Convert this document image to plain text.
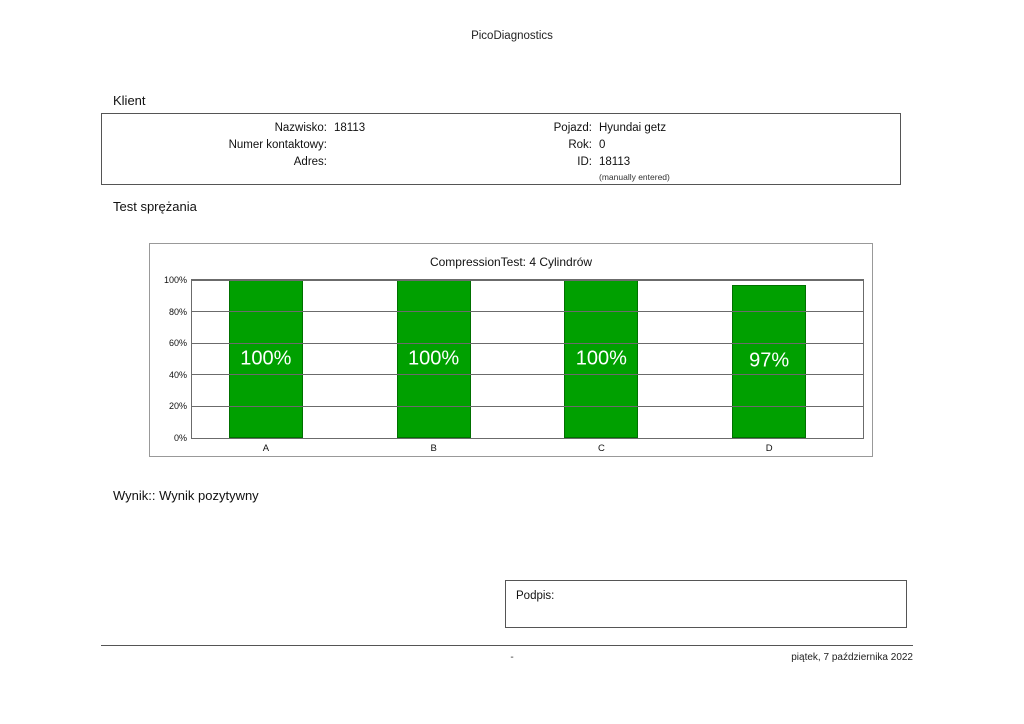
PicoDiagnostics
Klient
Nazwisko: 18113
Numer kontaktowy:
Adres:
Pojazd: Hyundai getz
Rok: 0
ID: 18113
(manually entered)
Test sprężania
CompressionTest: 4 Cylindrów
100%
A
100%
B
100%
C
97%
D
0%
20%
40%
60%
80%
100%
Wynik:: Wynik pozytywny
Podpis:
-	piątek, 7 października 2022
